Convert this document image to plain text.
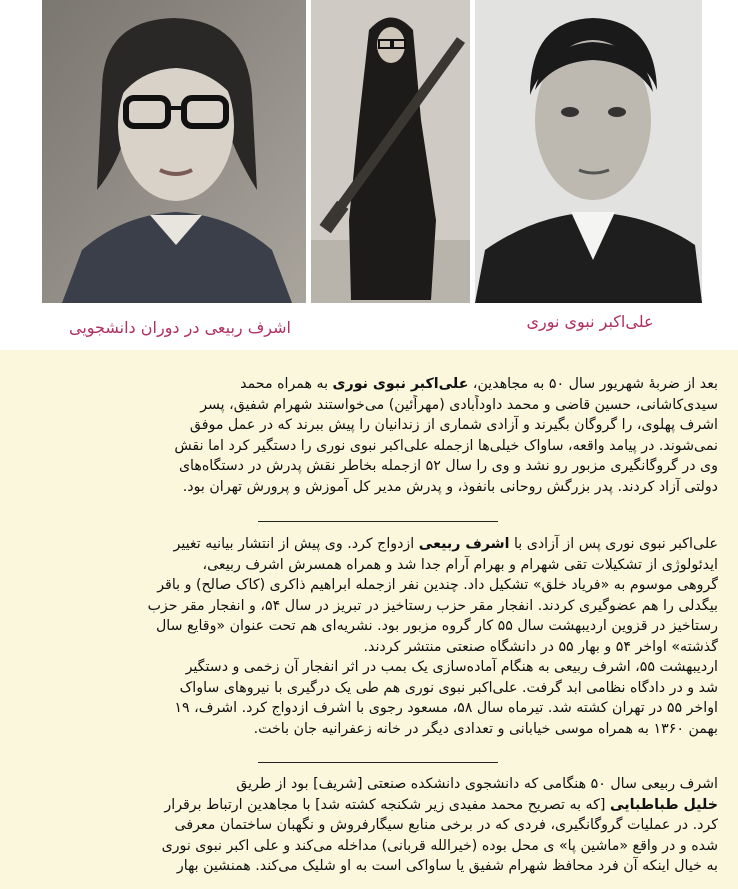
اشرف ربیعی در دوران دانشجویی	علی‌اکبر نبوی نوری
بعد از ضربهٔ شهریور سال ۵۰ به مجاهدین، علی‌اکبر نبوی نوری به همراه محمد
سیدی‌کاشانی، حسین قاضی و محمد داوداًبادی (مهراًئین) می‌خواستند شهرام شفیق، پسر
اشرف پهلوی، را گروگان بگیرند و آزادی شماری از زندانیان را پیش ببرند که در عمل موفق
نمی‌شوند. در پیامد واقعه، ساواک خیلی‌ها ازجمله علی‌اکبر نبوی نوری را دستگیر کرد اما نقش
وی در گروگانگیری مزبور رو نشد و وی را سال ۵۲ ازجمله بخاطر نقش پدرش در دستگاه‌های
دولتی آزاد کردند. پدر بزرگش روحانی بانفوذ، و پدرش مدیر کل آموزش و پرورش تهران بود.
علی‌اکبر نبوی نوری پس از آزادی با اشرف ربیعی ازدواج کرد. وی پیش از انتشار بیانیه تغییر
ایدئولوژی از تشکیلات تقی شهرام و بهرام آرام جدا شد و همراه همسرش اشرف ربیعی،
گروهی موسوم به «فریاد خلق» تشکیل داد. چندین نفر ازجمله ابراهیم ذاکری (کاک صالح) و باقر
بیگدلی را هم عضوگیری کردند. انفجار مقر حزب رستاخیز در تبریز در سال ۵۴، و انفجار مقر حزب
رستاخیز در قزوین اردیبهشت سال ۵۵ کار گروه مزبور بود. نشریه‌ای هم تحت عنوان «وقایع سال
گذشته» اواخر ۵۴ و بهار ۵۵ در دانشگاه صنعتی منتشر کردند.
اردیبهشت ۵۵، اشرف ربیعی به هنگام آماده‌سازی یک بمب در اثر انفجار آن زخمی و دستگیر
شد و در دادگاه نظامی ابد گرفت. علی‌اکبر نبوی نوری هم طی یک درگیری با نیروهای ساواک
اواخر ۵۵ در تهران کشته شد. تیرماه سال ۵۸، مسعود رجوی با اشرف ازدواج کرد. اشرف، ۱۹
بهمن ۱۳۶۰ به همراه موسی خیابانی و تعدادی دیگر در خانه زعفرانیه جان باخت.
اشرف ربیعی سال ۵۰ هنگامی که دانشجوی دانشکده صنعتی [شریف] بود از طریق
خلیل طباطبایی [که به تصریح محمد مفیدی زیر شکنجه کشته شد] با مجاهدین ارتباط برقرار
کرد. در عملیات گروگانگیری، فردی که در برخی منابع سیگارفروش و نگهبان ساختمان معرفی
شده و در واقع «ماشین پا» ی محل بوده (خیرالله قربانی) مداخله می‌کند و علی اکبر نبوی نوری
به خیال اینکه آن فرد محافظ شهرام شفیق یا ساواکی است به او شلیک می‌کند. همنشین بهار
